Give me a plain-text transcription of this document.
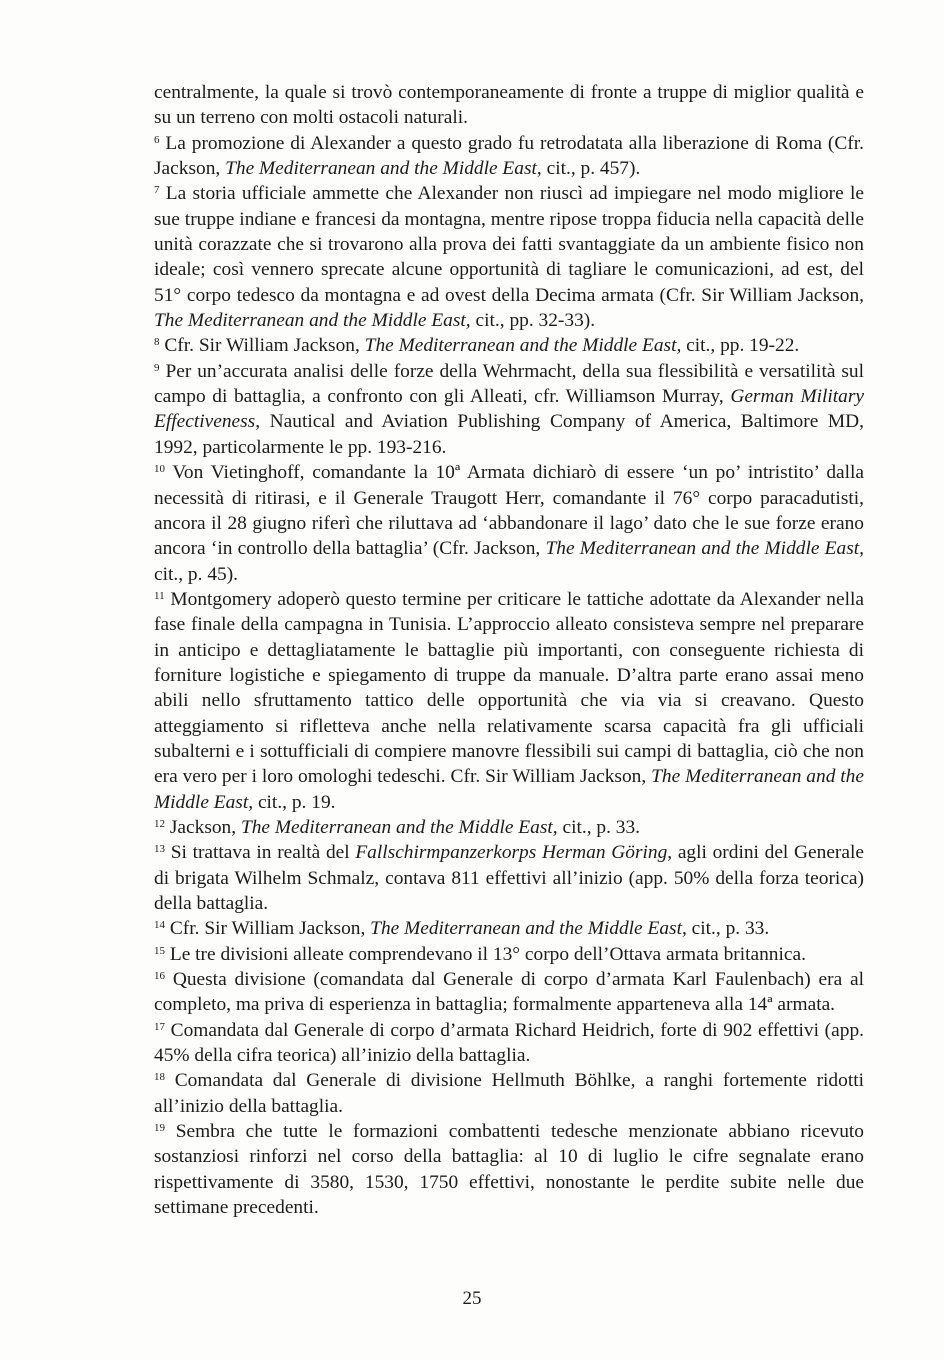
centralmente, la quale si trovò contemporaneamente di fronte a truppe di miglior qualità e su un terreno con molti ostacoli naturali.

$^6$ La promozione di Alexander a questo grado fu retrodatata alla liberazione di Roma (Cfr. Jackson, The Mediterranean and the Middle East, cit., p. 457).

$^7$ La storia ufficiale ammette che Alexander non riuscì ad impiegare nel modo migliore le sue truppe indiane e francesi da montagna, mentre ripose troppa fiducia nella capacità delle unità corazzate che si trovarono alla prova dei fatti svantaggiate da un ambiente fisico non ideale; così vennero sprecate alcune opportunità di tagliare le comunicazioni, ad est, del 51° corpo tedesco da montagna e ad ovest della Decima armata (Cfr. Sir William Jackson, The Mediterranean and the Middle East, cit., pp. 32-33).

$^8$ Cfr. Sir William Jackson, The Mediterranean and the Middle East, cit., pp. 19-22.

$^9$ Per un’accurata analisi delle forze della Wehrmacht, della sua flessibilità e versatilità sul campo di battaglia, a confronto con gli Alleati, cfr. Williamson Murray, German Military Effectiveness, Nautical and Aviation Publishing Company of America, Baltimore MD, 1992, particolarmente le pp. 193-216.

$^{10}$ Von Vietinghoff, comandante la 10ª Armata dichiarò di essere ‘un po’ intristito’ dalla necessità di ritirasi, e il Generale Traugott Herr, comandante il 76° corpo paracadutisti, ancora il 28 giugno riferì che riluttava ad ‘abbandonare il lago’ dato che le sue forze erano ancora ‘in controllo della battaglia’ (Cfr. Jackson, The Mediterranean and the Middle East, cit., p. 45).

$^{11}$ Montgomery adoperò questo termine per criticare le tattiche adottate da Alexander nella fase finale della campagna in Tunisia. L’approccio alleato consisteva sempre nel preparare in anticipo e dettagliatamente le battaglie più importanti, con conseguente richiesta di forniture logistiche e spiegamento di truppe da manuale. D’altra parte erano assai meno abili nello sfruttamento tattico delle opportunità che via via si creavano. Questo atteggiamento si rifletteva anche nella relativamente scarsa capacità fra gli ufficiali subalterni e i sottufficiali di compiere manovre flessibili sui campi di battaglia, ciò che non era vero per i loro omologhi tedeschi. Cfr. Sir William Jackson, The Mediterranean and the Middle East, cit., p. 19.

$^{12}$ Jackson, The Mediterranean and the Middle East, cit., p. 33.

$^{13}$ Si trattava in realtà del Fallschirmpanzerkorps Herman Göring, agli ordini del Generale di brigata Wilhelm Schmalz, contava 811 effettivi all’inizio (app. 50% della forza teorica) della battaglia.

$^{14}$ Cfr. Sir William Jackson, The Mediterranean and the Middle East, cit., p. 33.

$^{15}$ Le tre divisioni alleate comprendevano il 13° corpo dell’Ottava armata britannica.

$^{16}$ Questa divisione (comandata dal Generale di corpo d’armata Karl Faulenbach) era al completo, ma priva di esperienza in battaglia; formalmente apparteneva alla 14ª armata.

$^{17}$ Comandata dal Generale di corpo d’armata Richard Heidrich, forte di 902 effettivi (app. 45% della cifra teorica) all’inizio della battaglia.

$^{18}$ Comandata dal Generale di divisione Hellmuth Böhlke, a ranghi fortemente ridotti all’inizio della battaglia.

$^{19}$ Sembra che tutte le formazioni combattenti tedesche menzionate abbiano ricevuto sostanziosi rinforzi nel corso della battaglia: al 10 di luglio le cifre segnalate erano rispettivamente di 3580, 1530, 1750 effettivi, nonostante le perdite subite nelle due settimane precedenti.

25
